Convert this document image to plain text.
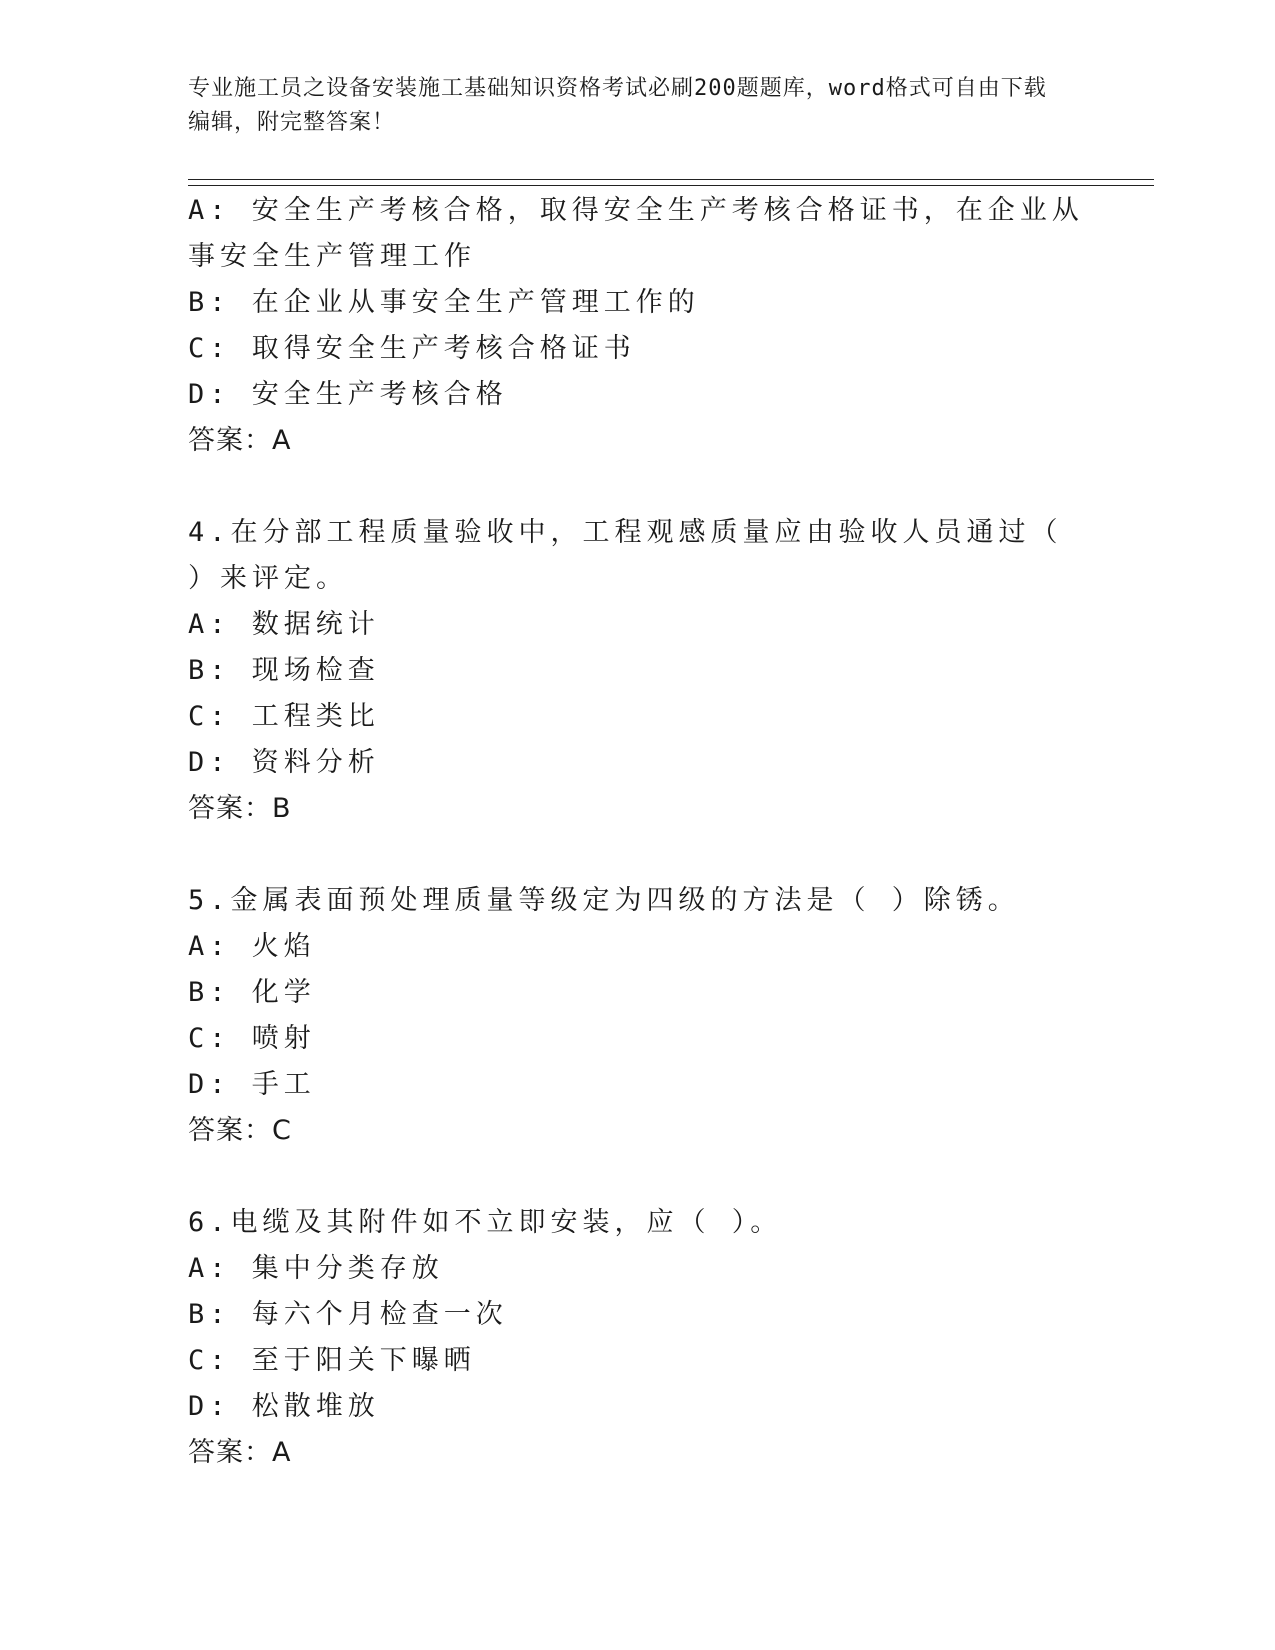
专业施工员之设备安装施工基础知识资格考试必刷200题题库，word格式可自由下载编辑，附完整答案！
A: 安全生产考核合格，取得安全生产考核合格证书，在企业从事安全生产管理工作
B: 在企业从事安全生产管理工作的
C: 取得安全生产考核合格证书
D: 安全生产考核合格
答案：A
4.在分部工程质量验收中，工程观感质量应由验收人员通过（ ）来评定。
A: 数据统计
B: 现场检查
C: 工程类比
D: 资料分析
答案：B
5.金属表面预处理质量等级定为四级的方法是（ ）除锈。
A: 火焰
B: 化学
C: 喷射
D: 手工
答案：C
6.电缆及其附件如不立即安装，应（ ）。
A: 集中分类存放
B: 每六个月检查一次
C: 至于阳关下曝晒
D: 松散堆放
答案：A
